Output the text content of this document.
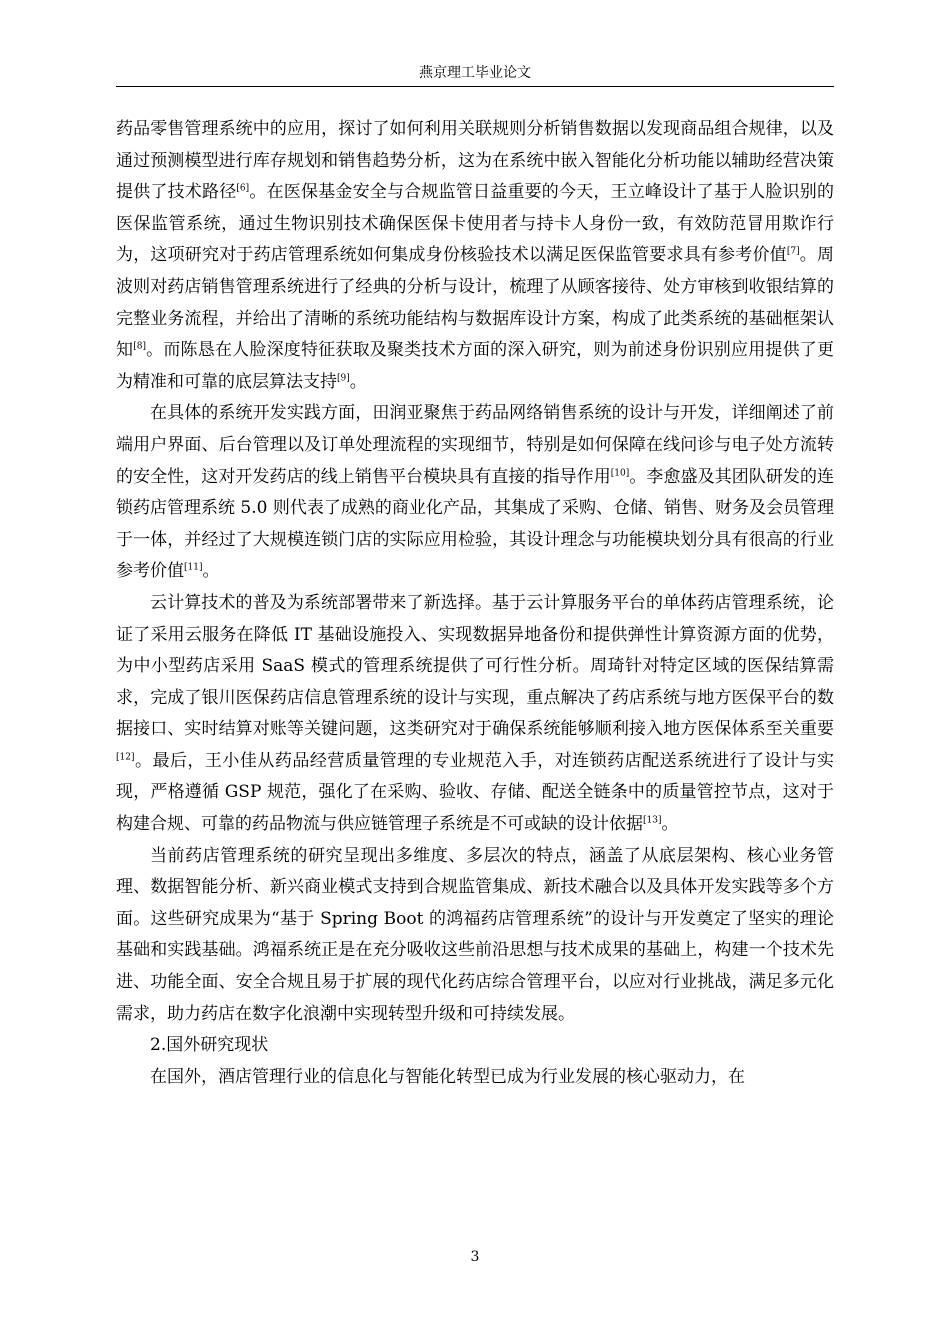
燕京理工毕业论文

药品零售管理系统中的应用，探讨了如何利用关联规则分析销售数据以发现商品组合规律，以及通过预测模型进行库存规划和销售趋势分析，这为在系统中嵌入智能化分析功能以辅助经营决策提供了技术路径[6]。在医保基金安全与合规监管日益重要的今天，王立峰设计了基于人脸识别的医保监管系统，通过生物识别技术确保医保卡使用者与持卡人身份一致，有效防范冒用欺诈行为，这项研究对于药店管理系统如何集成身份核验技术以满足医保监管要求具有参考价值[7]。周波则对药店销售管理系统进行了经典的分析与设计，梳理了从顾客接待、处方审核到收银结算的完整业务流程，并给出了清晰的系统功能结构与数据库设计方案，构成了此类系统的基础框架认知[8]。而陈恳在人脸深度特征获取及聚类技术方面的深入研究，则为前述身份识别应用提供了更为精准和可靠的底层算法支持[9]。

在具体的系统开发实践方面，田润亚聚焦于药品网络销售系统的设计与开发，详细阐述了前端用户界面、后台管理以及订单处理流程的实现细节，特别是如何保障在线问诊与电子处方流转的安全性，这对开发药店的线上销售平台模块具有直接的指导作用[10]。李愈盛及其团队研发的连锁药店管理系统 5.0 则代表了成熟的商业化产品，其集成了采购、仓储、销售、财务及会员管理于一体，并经过了大规模连锁门店的实际应用检验，其设计理念与功能模块划分具有很高的行业参考价值[11]。

云计算技术的普及为系统部署带来了新选择。基于云计算服务平台的单体药店管理系统，论证了采用云服务在降低 IT 基础设施投入、实现数据异地备份和提供弹性计算资源方面的优势，为中小型药店采用 SaaS 模式的管理系统提供了可行性分析。周琦针对特定区域的医保结算需求，完成了银川医保药店信息管理系统的设计与实现，重点解决了药店系统与地方医保平台的数据接口、实时结算对账等关键问题，这类研究对于确保系统能够顺利接入地方医保体系至关重要[12]。最后，王小佳从药品经营质量管理的专业规范入手，对连锁药店配送系统进行了设计与实现，严格遵循 GSP 规范，强化了在采购、验收、存储、配送全链条中的质量管控节点，这对于构建合规、可靠的药品物流与供应链管理子系统是不可或缺的设计依据[13]。

当前药店管理系统的研究呈现出多维度、多层次的特点，涵盖了从底层架构、核心业务管理、数据智能分析、新兴商业模式支持到合规监管集成、新技术融合以及具体开发实践等多个方面。这些研究成果为“基于 Spring Boot 的鸿福药店管理系统”的设计与开发奠定了坚实的理论基础和实践基础。鸿福系统正是在充分吸收这些前沿思想与技术成果的基础上，构建一个技术先进、功能全面、安全合规且易于扩展的现代化药店综合管理平台，以应对行业挑战，满足多元化需求，助力药店在数字化浪潮中实现转型升级和可持续发展。

2.国外研究现状

在国外，酒店管理行业的信息化与智能化转型已成为行业发展的核心驱动力，在

3
